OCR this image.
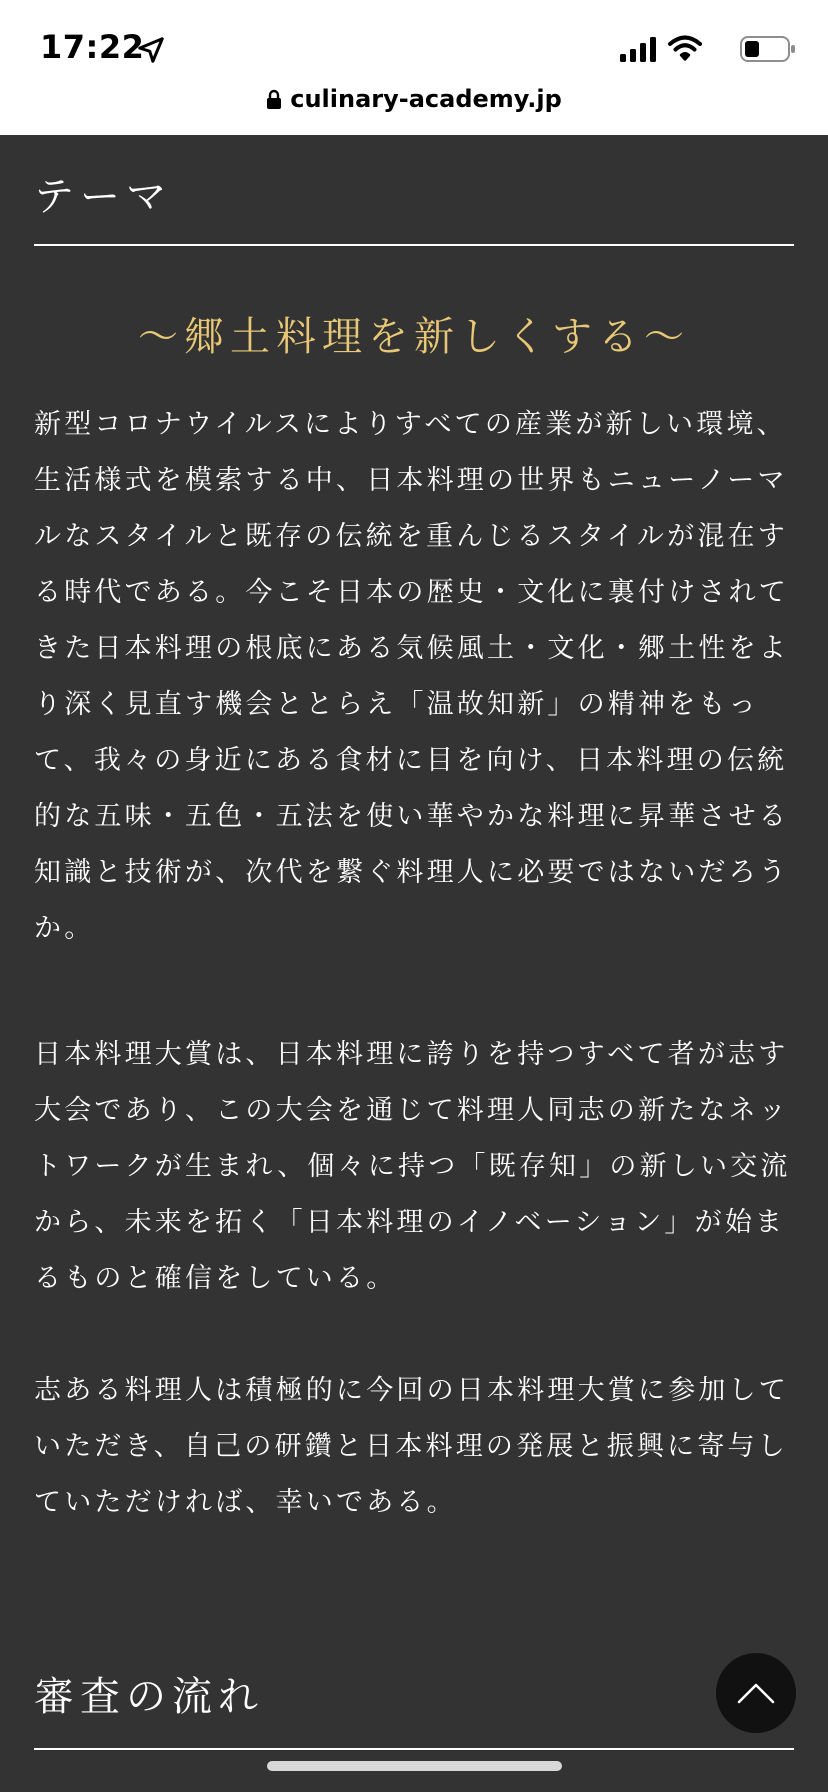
17:22
culinary-academy.jp
テーマ
～郷土料理を新しくする～

新型コロナウイルスによりすべての産業が新しい環境、生活様式を模索する中、日本料理の世界もニューノーマルなスタイルと既存の伝統を重んじるスタイルが混在する時代である。今こそ日本の歴史・文化に裏付けされてきた日本料理の根底にある気候風土・文化・郷土性をより深く見直す機会ととらえ「温故知新」の精神をもって、我々の身近にある食材に目を向け、日本料理の伝統的な五味・五色・五法を使い華やかな料理に昇華させる知識と技術が、次代を繋ぐ料理人に必要ではないだろうか。

日本料理大賞は、日本料理に誇りを持つすべて者が志す大会であり、この大会を通じて料理人同志の新たなネットワークが生まれ、個々に持つ「既存知」の新しい交流から、未来を拓く「日本料理のイノベーション」が始まるものと確信をしている。

志ある料理人は積極的に今回の日本料理大賞に参加していただき、自己の研鑽と日本料理の発展と振興に寄与していただければ、幸いである。

審査の流れ
